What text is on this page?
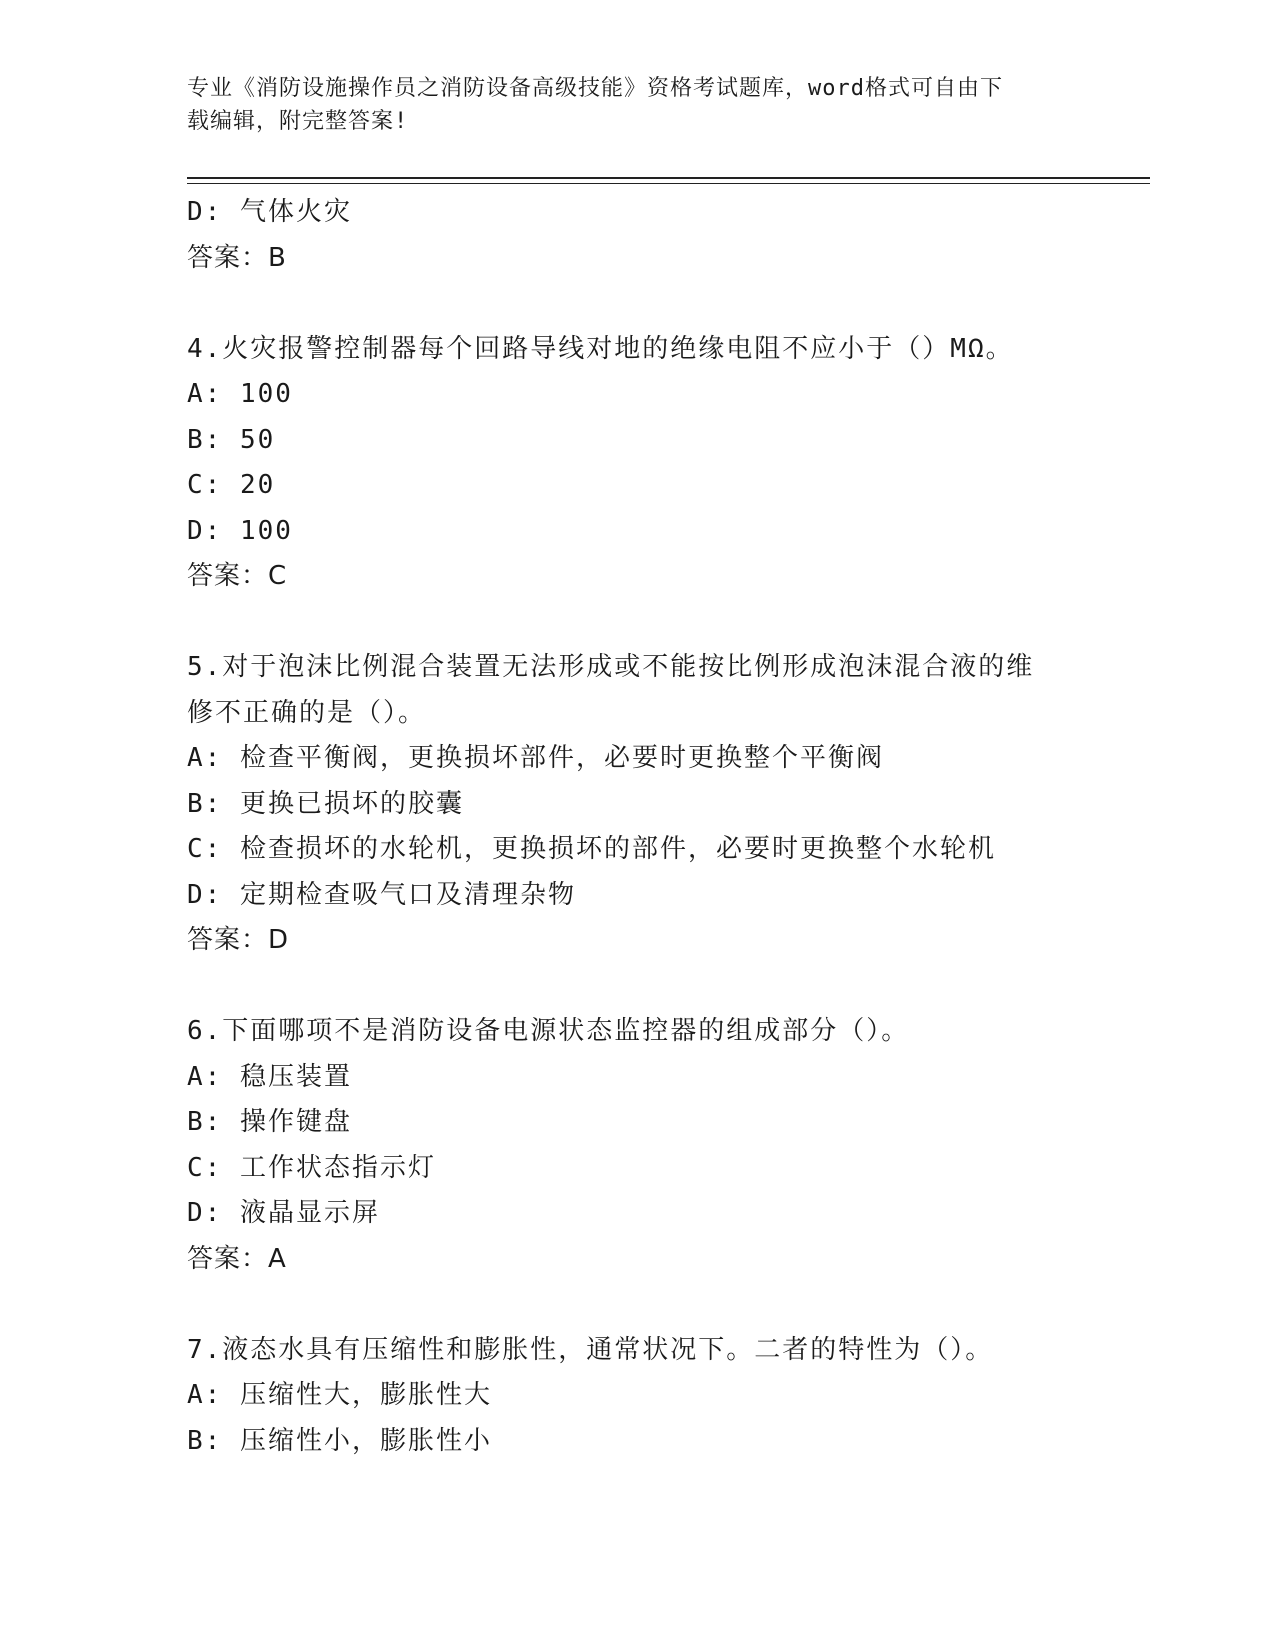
专业《消防设施操作员之消防设备高级技能》资格考试题库，word格式可自由下
载编辑，附完整答案!
D: 气体火灾
答案：B
4.火灾报警控制器每个回路导线对地的绝缘电阻不应小于（）MΩ。
A: 100
B: 50
C: 20
D: 100
答案：C
5.对于泡沫比例混合装置无法形成或不能按比例形成泡沫混合液的维
修不正确的是（）。
A: 检查平衡阀，更换损坏部件，必要时更换整个平衡阀
B: 更换已损坏的胶囊
C: 检查损坏的水轮机，更换损坏的部件，必要时更换整个水轮机
D: 定期检查吸气口及清理杂物
答案：D
6.下面哪项不是消防设备电源状态监控器的组成部分（）。
A: 稳压装置
B: 操作键盘
C: 工作状态指示灯
D: 液晶显示屏
答案：A
7.液态水具有压缩性和膨胀性，通常状况下。二者的特性为（）。
A: 压缩性大，膨胀性大
B: 压缩性小，膨胀性小
